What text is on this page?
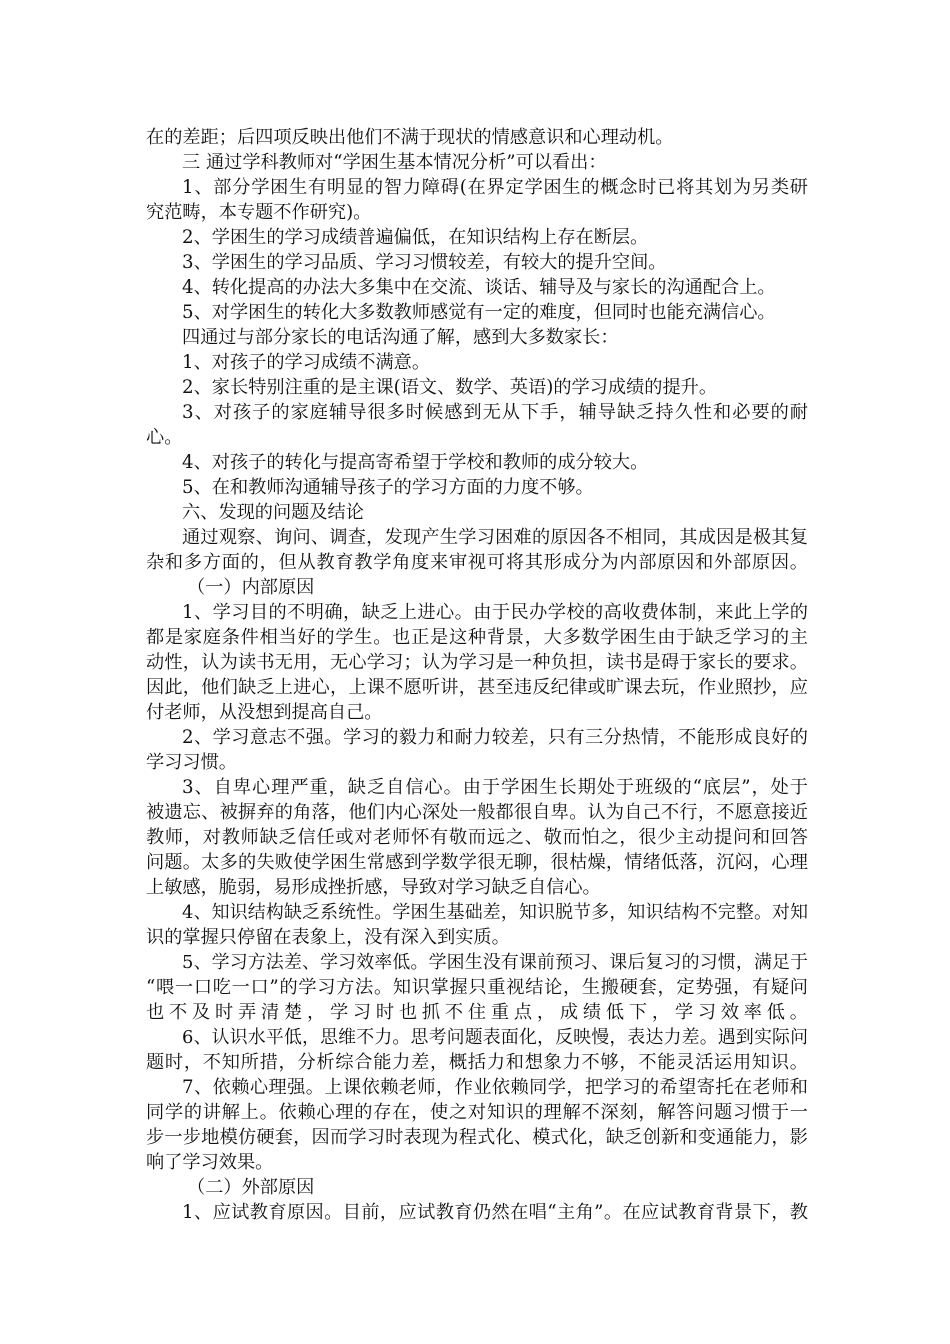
在的差距；后四项反映出他们不满于现状的情感意识和心理动机。
三 通过学科教师对“学困生基本情况分析”可以看出：
1、部分学困生有明显的智力障碍(在界定学困生的概念时已将其划为另类研
究范畴，本专题不作研究)。
2、学困生的学习成绩普遍偏低，在知识结构上存在断层。
3、学困生的学习品质、学习习惯较差，有较大的提升空间。
4、转化提高的办法大多集中在交流、谈话、辅导及与家长的沟通配合上。
5、对学困生的转化大多数教师感觉有一定的难度，但同时也能充满信心。
四通过与部分家长的电话沟通了解，感到大多数家长：
1、对孩子的学习成绩不满意。
2、家长特别注重的是主课(语文、数学、英语)的学习成绩的提升。
3、对孩子的家庭辅导很多时候感到无从下手，辅导缺乏持久性和必要的耐
心。
4、对孩子的转化与提高寄希望于学校和教师的成分较大。
5、在和教师沟通辅导孩子的学习方面的力度不够。
六、发现的问题及结论
通过观察、询问、调查，发现产生学习困难的原因各不相同，其成因是极其复
杂和多方面的，但从教育教学角度来审视可将其形成分为内部原因和外部原因。
（一）内部原因
1、学习目的不明确，缺乏上进心。由于民办学校的高收费体制，来此上学的
都是家庭条件相当好的学生。也正是这种背景，大多数学困生由于缺乏学习的主
动性，认为读书无用，无心学习；认为学习是一种负担，读书是碍于家长的要求。
因此，他们缺乏上进心，上课不愿听讲，甚至违反纪律或旷课去玩，作业照抄，应
付老师，从没想到提高自己。
2、学习意志不强。学习的毅力和耐力较差，只有三分热情，不能形成良好的
学习习惯。
3、自卑心理严重，缺乏自信心。由于学困生长期处于班级的“底层”，处于
被遗忘、被摒弃的角落，他们内心深处一般都很自卑。认为自己不行，不愿意接近
教师，对教师缺乏信任或对老师怀有敬而远之、敬而怕之，很少主动提问和回答
问题。太多的失败使学困生常感到学数学很无聊，很枯燥，情绪低落，沉闷，心理
上敏感，脆弱，易形成挫折感，导致对学习缺乏自信心。
4、知识结构缺乏系统性。学困生基础差，知识脱节多，知识结构不完整。对知
识的掌握只停留在表象上，没有深入到实质。
5、学习方法差、学习效率低。学困生没有课前预习、课后复习的习惯，满足于
“喂一口吃一口”的学习方法。知识掌握只重视结论，生搬硬套，定势强，有疑问
也不及时弄清楚，学习时也抓不住重点，成绩低下，学习效率低。
6、认识水平低，思维不力。思考问题表面化，反映慢，表达力差。遇到实际问
题时，不知所措，分析综合能力差，概括力和想象力不够，不能灵活运用知识。
7、依赖心理强。上课依赖老师，作业依赖同学，把学习的希望寄托在老师和
同学的讲解上。依赖心理的存在，使之对知识的理解不深刻，解答问题习惯于一
步一步地模仿硬套，因而学习时表现为程式化、模式化，缺乏创新和变通能力，影
响了学习效果。
（二）外部原因
1、应试教育原因。目前，应试教育仍然在唱“主角”。在应试教育背景下，教
